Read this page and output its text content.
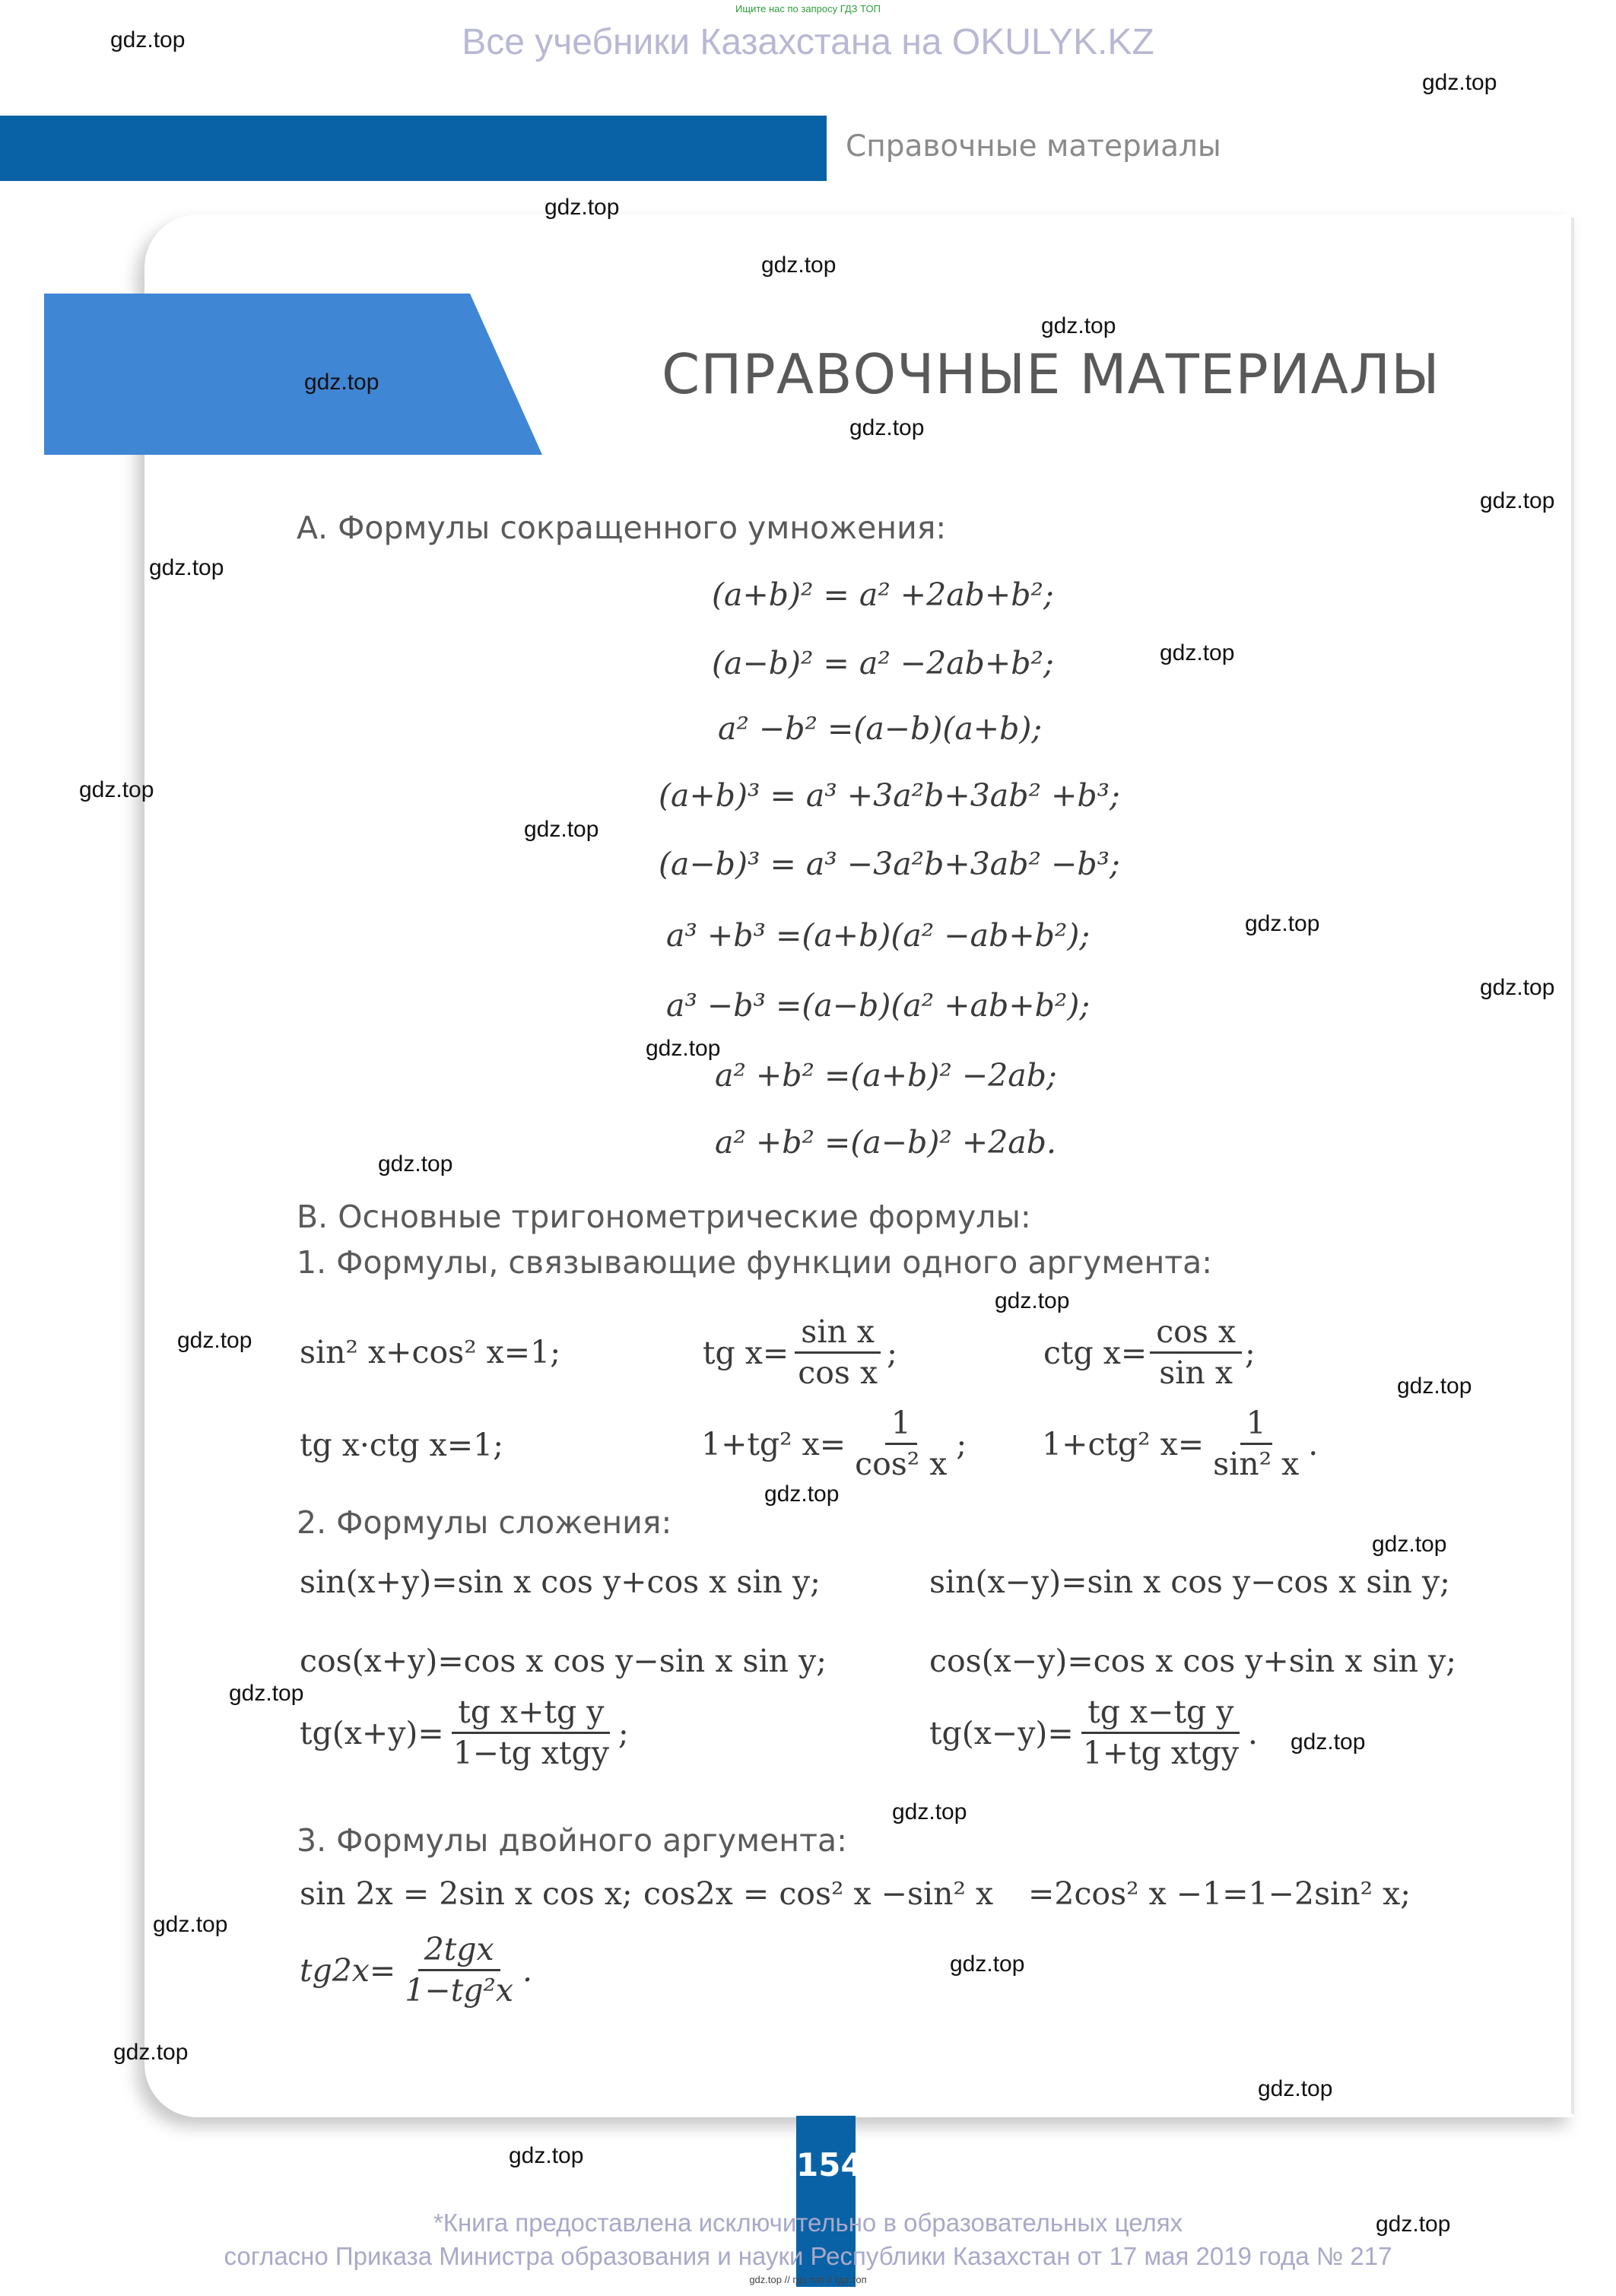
Ищите нас по запросу ГДЗ ТОП
Все учебники Казахстана на OKULYK.KZ
Справочные материалы
СПРАВОЧНЫЕ МАТЕРИАЛЫ
А. Формулы сокращенного умножения:
(a+b)² = a² +2ab+b²;
(a−b)² = a² −2ab+b²;
a² −b² =(a−b)(a+b);
(a+b)³ = a³ +3a²b+3ab² +b³;
(a−b)³ = a³ −3a²b+3ab² −b³;
a³ +b³ =(a+b)(a² −ab+b²);
a³ −b³ =(a−b)(a² +ab+b²);
a² +b² =(a+b)² −2ab;
a² +b² =(a−b)² +2ab.
В. Основные тригонометрические формулы:
1. Формулы, связывающие функции одного аргумента:
sin² x+cos² x=1;	tg $x= \frac{\text{sin x}}{\text{cos x}}$ ;	ctg $x= \frac{\text{cos x}}{\text{sin x}}$ ;
tg x·ctg x=1;	1+tg² $x= \frac{1}{\text{cos² x}}$ ; 1+ctg² $x= \frac{1}{\text{sin² x}}$ .
2. Формулы сложения:
sin(x+y)=sin x cos y+cos x sin y;	sin(x−y)=sin x cos y−cos x sin y;
cos(x+y)=cos x cos y−sin x sin y;	cos(x−y)=cos x cos y+sin x sin y;
$tg(x+y)= \frac{\text{tg x+tg y}}{\text{1−tg xtgy}}$ ;	$tg(x-y)= \frac{\text{tg x−tg y}}{\text{1+tg xtgy}}$ .
3. Формулы двойного аргумента:
sin 2x = 2sin x cos x; cos2x = cos² x −sin² x =2cos² x −1=1−2sin² x;
$tg2x= \frac{\text{2tgx}}{\text{1−tg²x}}$ .
gdz.top
gdz.top
gdz.top
gdz.top
gdz.top
gdz.top
gdz.top
gdz.top
gdz.top
gdz.top
gdz.top
gdz.top
gdz.top
gdz.top
gdz.top
gdz.top
gdz.top
gdz.top
gdz.top
gdz.top
gdz.top
gdz.top
gdz.top
gdz.top
gdz.top
gdz.top
gdz.top
gdz.top
gdz.top
gdz.top
154
*Книга предоставлена исключительно в образовательных целях
согласно Приказа Министра образования и науки Республики Казахстан от 17 мая 2019 года № 217
gdz.top // гдз топ // гдз.топ
